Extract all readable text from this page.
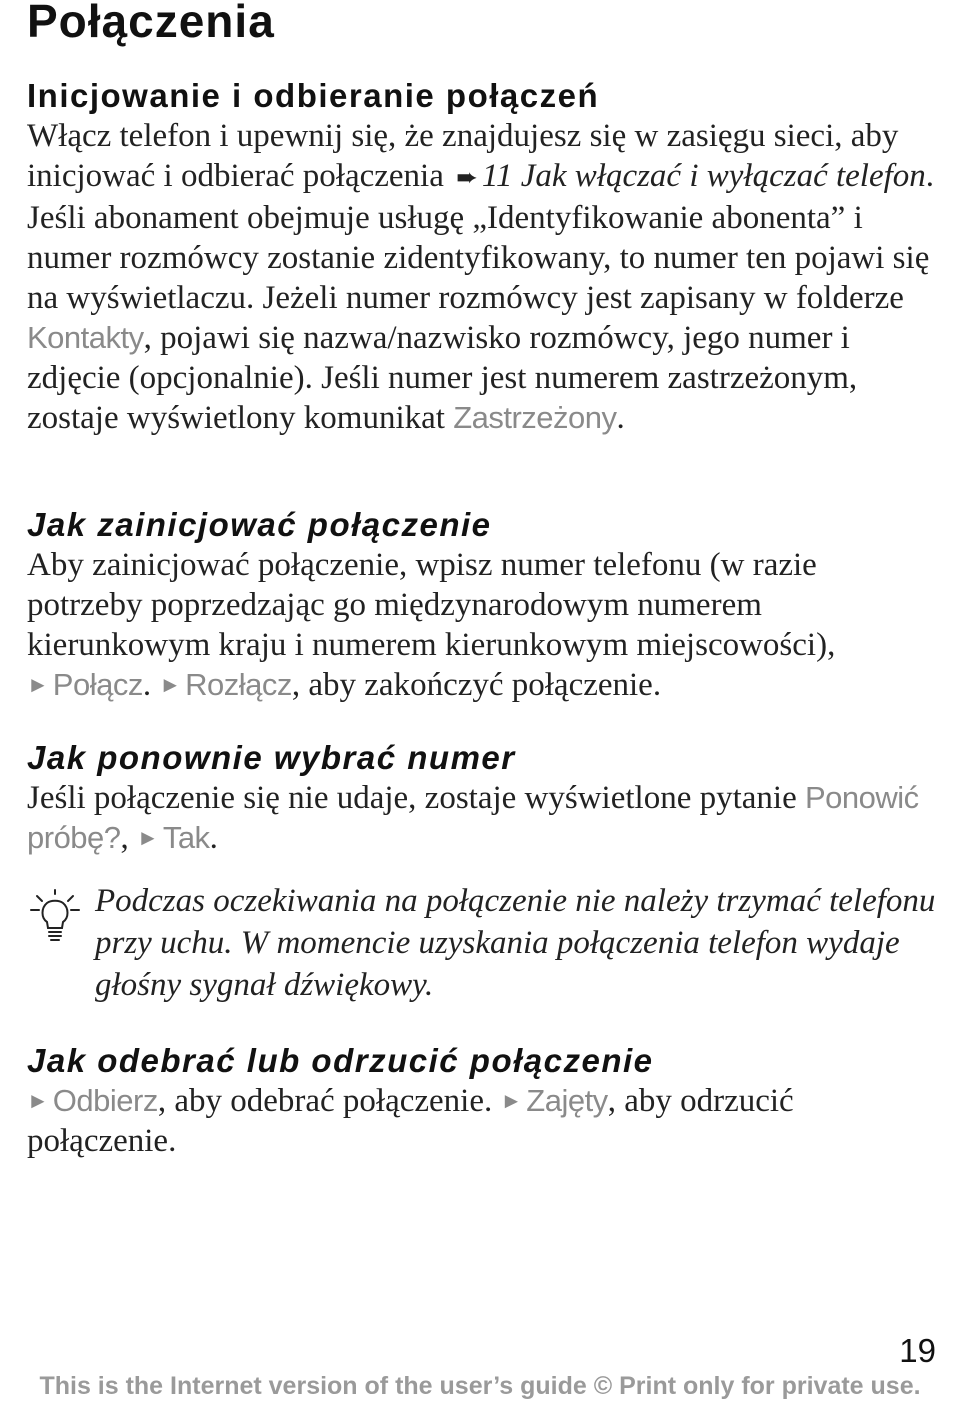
Połączenia
Inicjowanie i odbieranie połączeń

Włącz telefon i upewnij się, że znajdujesz się w zasięgu sieci, aby inicjować i odbierać połączenia ➨ 11 Jak włączać i wyłączać telefon. Jeśli abonament obejmuje usługę „Identyfikowanie abonenta” i numer rozmówcy zostanie zidentyfikowany, to numer ten pojawi się na wyświetlaczu. Jeżeli numer rozmówcy jest zapisany w folderze Kontakty, pojawi się nazwa/nazwisko rozmówcy, jego numer i zdjęcie (opcjonalnie). Jeśli numer jest numerem zastrzeżonym, zostaje wyświetlony komunikat Zastrzeżony.

Jak zainicjować połączenie

Aby zainicjować połączenie, wpisz numer telefonu (w razie potrzeby poprzedzając go międzynarodowym numerem kierunkowym kraju i numerem kierunkowym miejscowości), ► Połącz. ► Rozłącz, aby zakończyć połączenie.

Jak ponownie wybrać numer

Jeśli połączenie się nie udaje, zostaje wyświetlone pytanie Ponowić próbę?, ► Tak.

Podczas oczekiwania na połączenie nie należy trzymać telefonu przy uchu. W momencie uzyskania połączenia telefon wydaje głośny sygnał dźwiękowy.

Jak odebrać lub odrzucić połączenie

► Odbierz, aby odebrać połączenie. ► Zajęty, aby odrzucić połączenie.

19
This is the Internet version of the user’s guide © Print only for private use.
